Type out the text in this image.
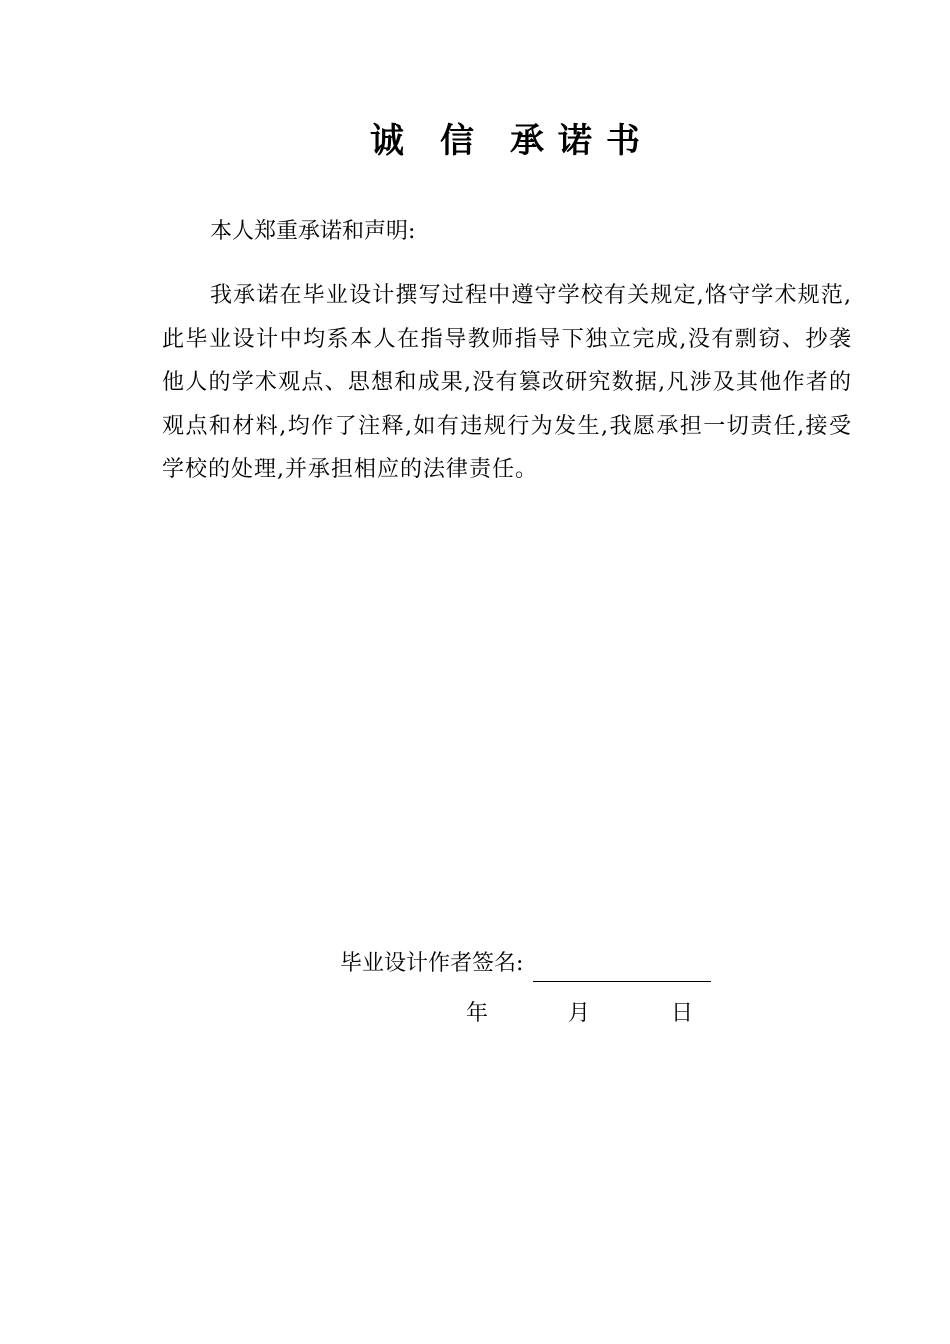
诚 信 承 诺 书
本人郑重承诺和声明:
我承诺在毕业设计撰写过程中遵守学校有关规定,恪守学术规范,此毕业设计中均系本人在指导教师指导下独立完成,没有剽窃、抄袭他人的学术观点、思想和成果,没有篡改研究数据,凡涉及其他作者的观点和材料,均作了注释,如有违规行为发生,我愿承担一切责任,接受学校的处理,并承担相应的法律责任。
毕业设计作者签名:
年	月	日
